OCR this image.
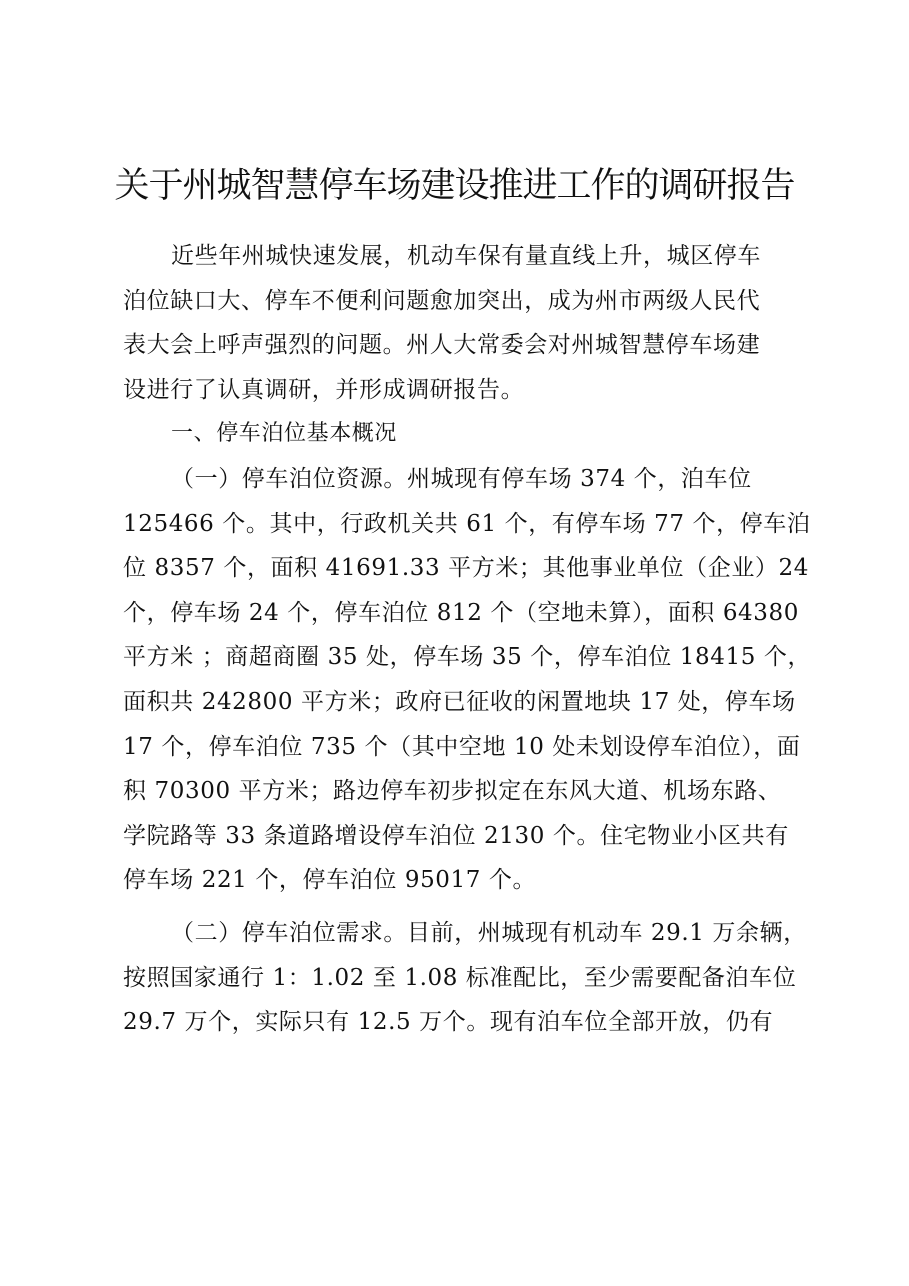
关于州城智慧停车场建设推进工作的调研报告
近些年州城快速发展，机动车保有量直线上升，城区停车
泊位缺口大、停车不便利问题愈加突出，成为州市两级人民代
表大会上呼声强烈的问题。州人大常委会对州城智慧停车场建
设进行了认真调研，并形成调研报告。
一、停车泊位基本概况
（一）停车泊位资源。州城现有停车场 374 个，泊车位
125466 个。其中，行政机关共 61 个，有停车场 77 个，停车泊
位 8357 个，面积 41691.33 平方米；其他事业单位（企业）24
个，停车场 24 个，停车泊位 812 个（空地未算），面积 64380
平方米 ；商超商圈 35 处，停车场 35 个，停车泊位 18415 个，
面积共 242800 平方米；政府已征收的闲置地块 17 处，停车场
17 个，停车泊位 735 个（其中空地 10 处未划设停车泊位），面
积 70300 平方米；路边停车初步拟定在东风大道、机场东路、
学院路等 33 条道路增设停车泊位 2130 个。住宅物业小区共有
停车场 221 个，停车泊位 95017 个。
（二）停车泊位需求。目前，州城现有机动车 29.1 万余辆，
按照国家通行 1：1.02 至 1.08 标准配比，至少需要配备泊车位
29.7 万个，实际只有 12.5 万个。现有泊车位全部开放，仍有
